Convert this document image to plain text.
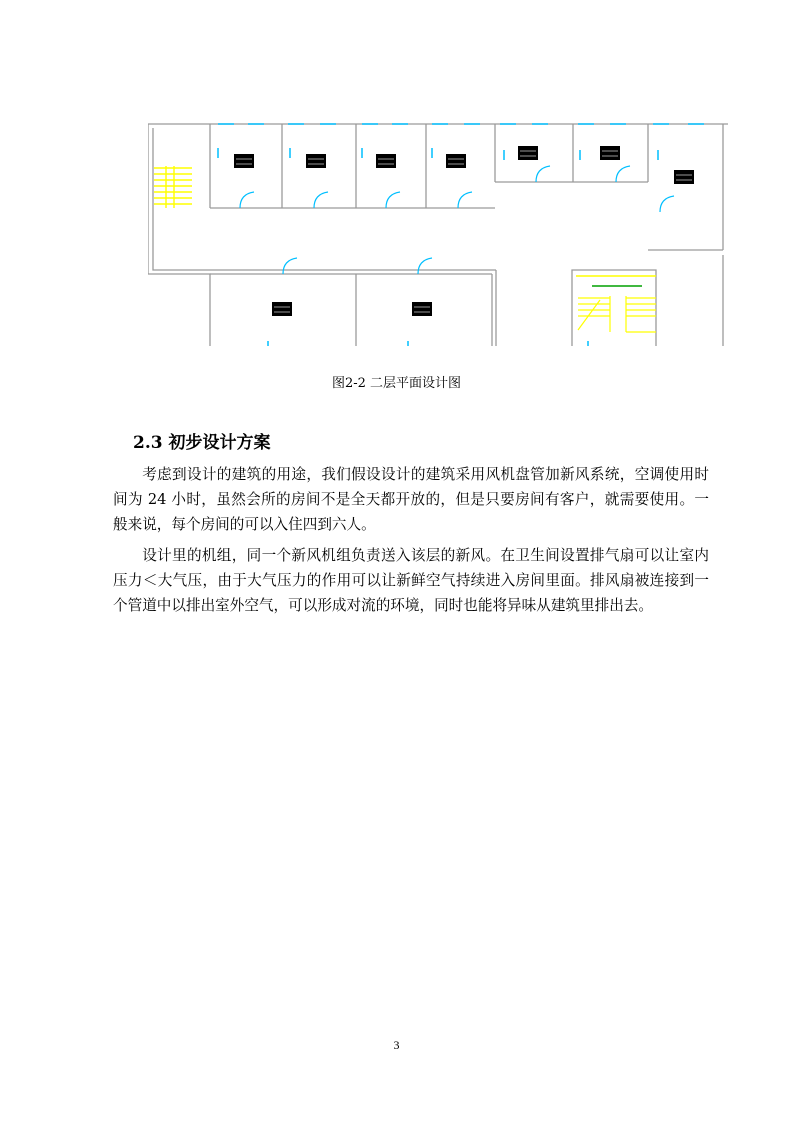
图2-2 二层平面设计图
2.3 初步设计方案

考虑到设计的建筑的用途，我们假设设计的建筑采用风机盘管加新风系统，空调使用时间为 24 小时，虽然会所的房间不是全天都开放的，但是只要房间有客户，就需要使用。一般来说，每个房间的可以入住四到六人。

设计里的机组，同一个新风机组负责送入该层的新风。在卫生间设置排气扇可以让室内压力＜大气压，由于大气压力的作用可以让新鲜空气持续进入房间里面。排风扇被连接到一个管道中以排出室外空气，可以形成对流的环境，同时也能将异味从建筑里排出去。

3
